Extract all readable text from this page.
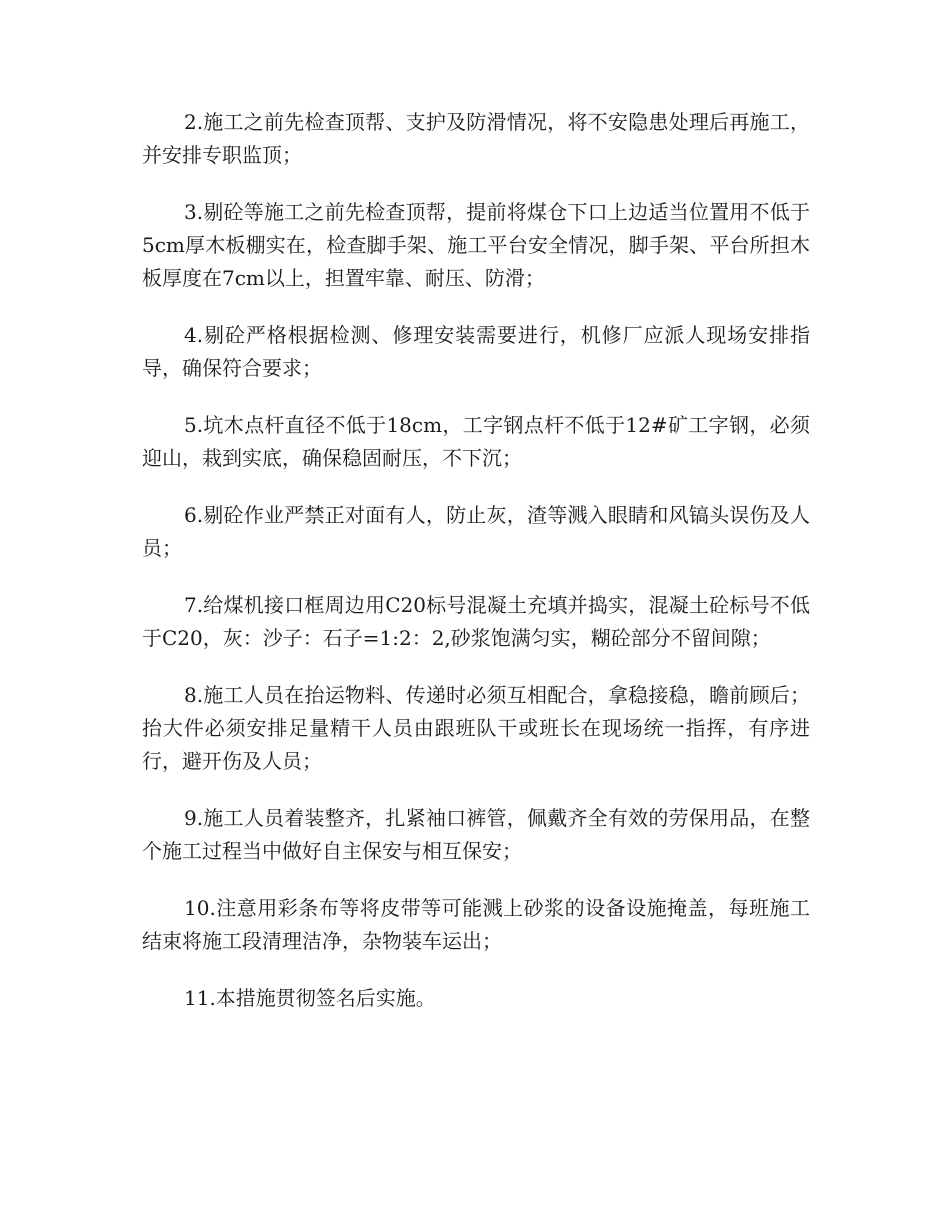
2.施工之前先检查顶帮、支护及防滑情况，将不安隐患处理后再施工，并安排专职监顶；

3.剔砼等施工之前先检查顶帮，提前将煤仓下口上边适当位置用不低于5cm厚木板棚实在，检查脚手架、施工平台安全情况，脚手架、平台所担木板厚度在7cm以上，担置牢靠、耐压、防滑；

4.剔砼严格根据检测、修理安装需要进行，机修厂应派人现场安排指导，确保符合要求；

5.坑木点杆直径不低于18cm，工字钢点杆不低于12#矿工字钢，必须迎山，栽到实底，确保稳固耐压，不下沉；

6.剔砼作业严禁正对面有人，防止灰，渣等溅入眼睛和风镐头误伤及人员；

7.给煤机接口框周边用C20标号混凝土充填并捣实，混凝土砼标号不低于C20，灰：沙子：石子=1:2：2,砂浆饱满匀实，糊砼部分不留间隙；

8.施工人员在抬运物料、传递时必须互相配合，拿稳接稳，瞻前顾后；抬大件必须安排足量精干人员由跟班队干或班长在现场统一指挥，有序进行，避开伤及人员；

9.施工人员着装整齐，扎紧袖口裤管，佩戴齐全有效的劳保用品，在整个施工过程当中做好自主保安与相互保安；

10.注意用彩条布等将皮带等可能溅上砂浆的设备设施掩盖，每班施工结束将施工段清理洁净，杂物装车运出；

11.本措施贯彻签名后实施。
